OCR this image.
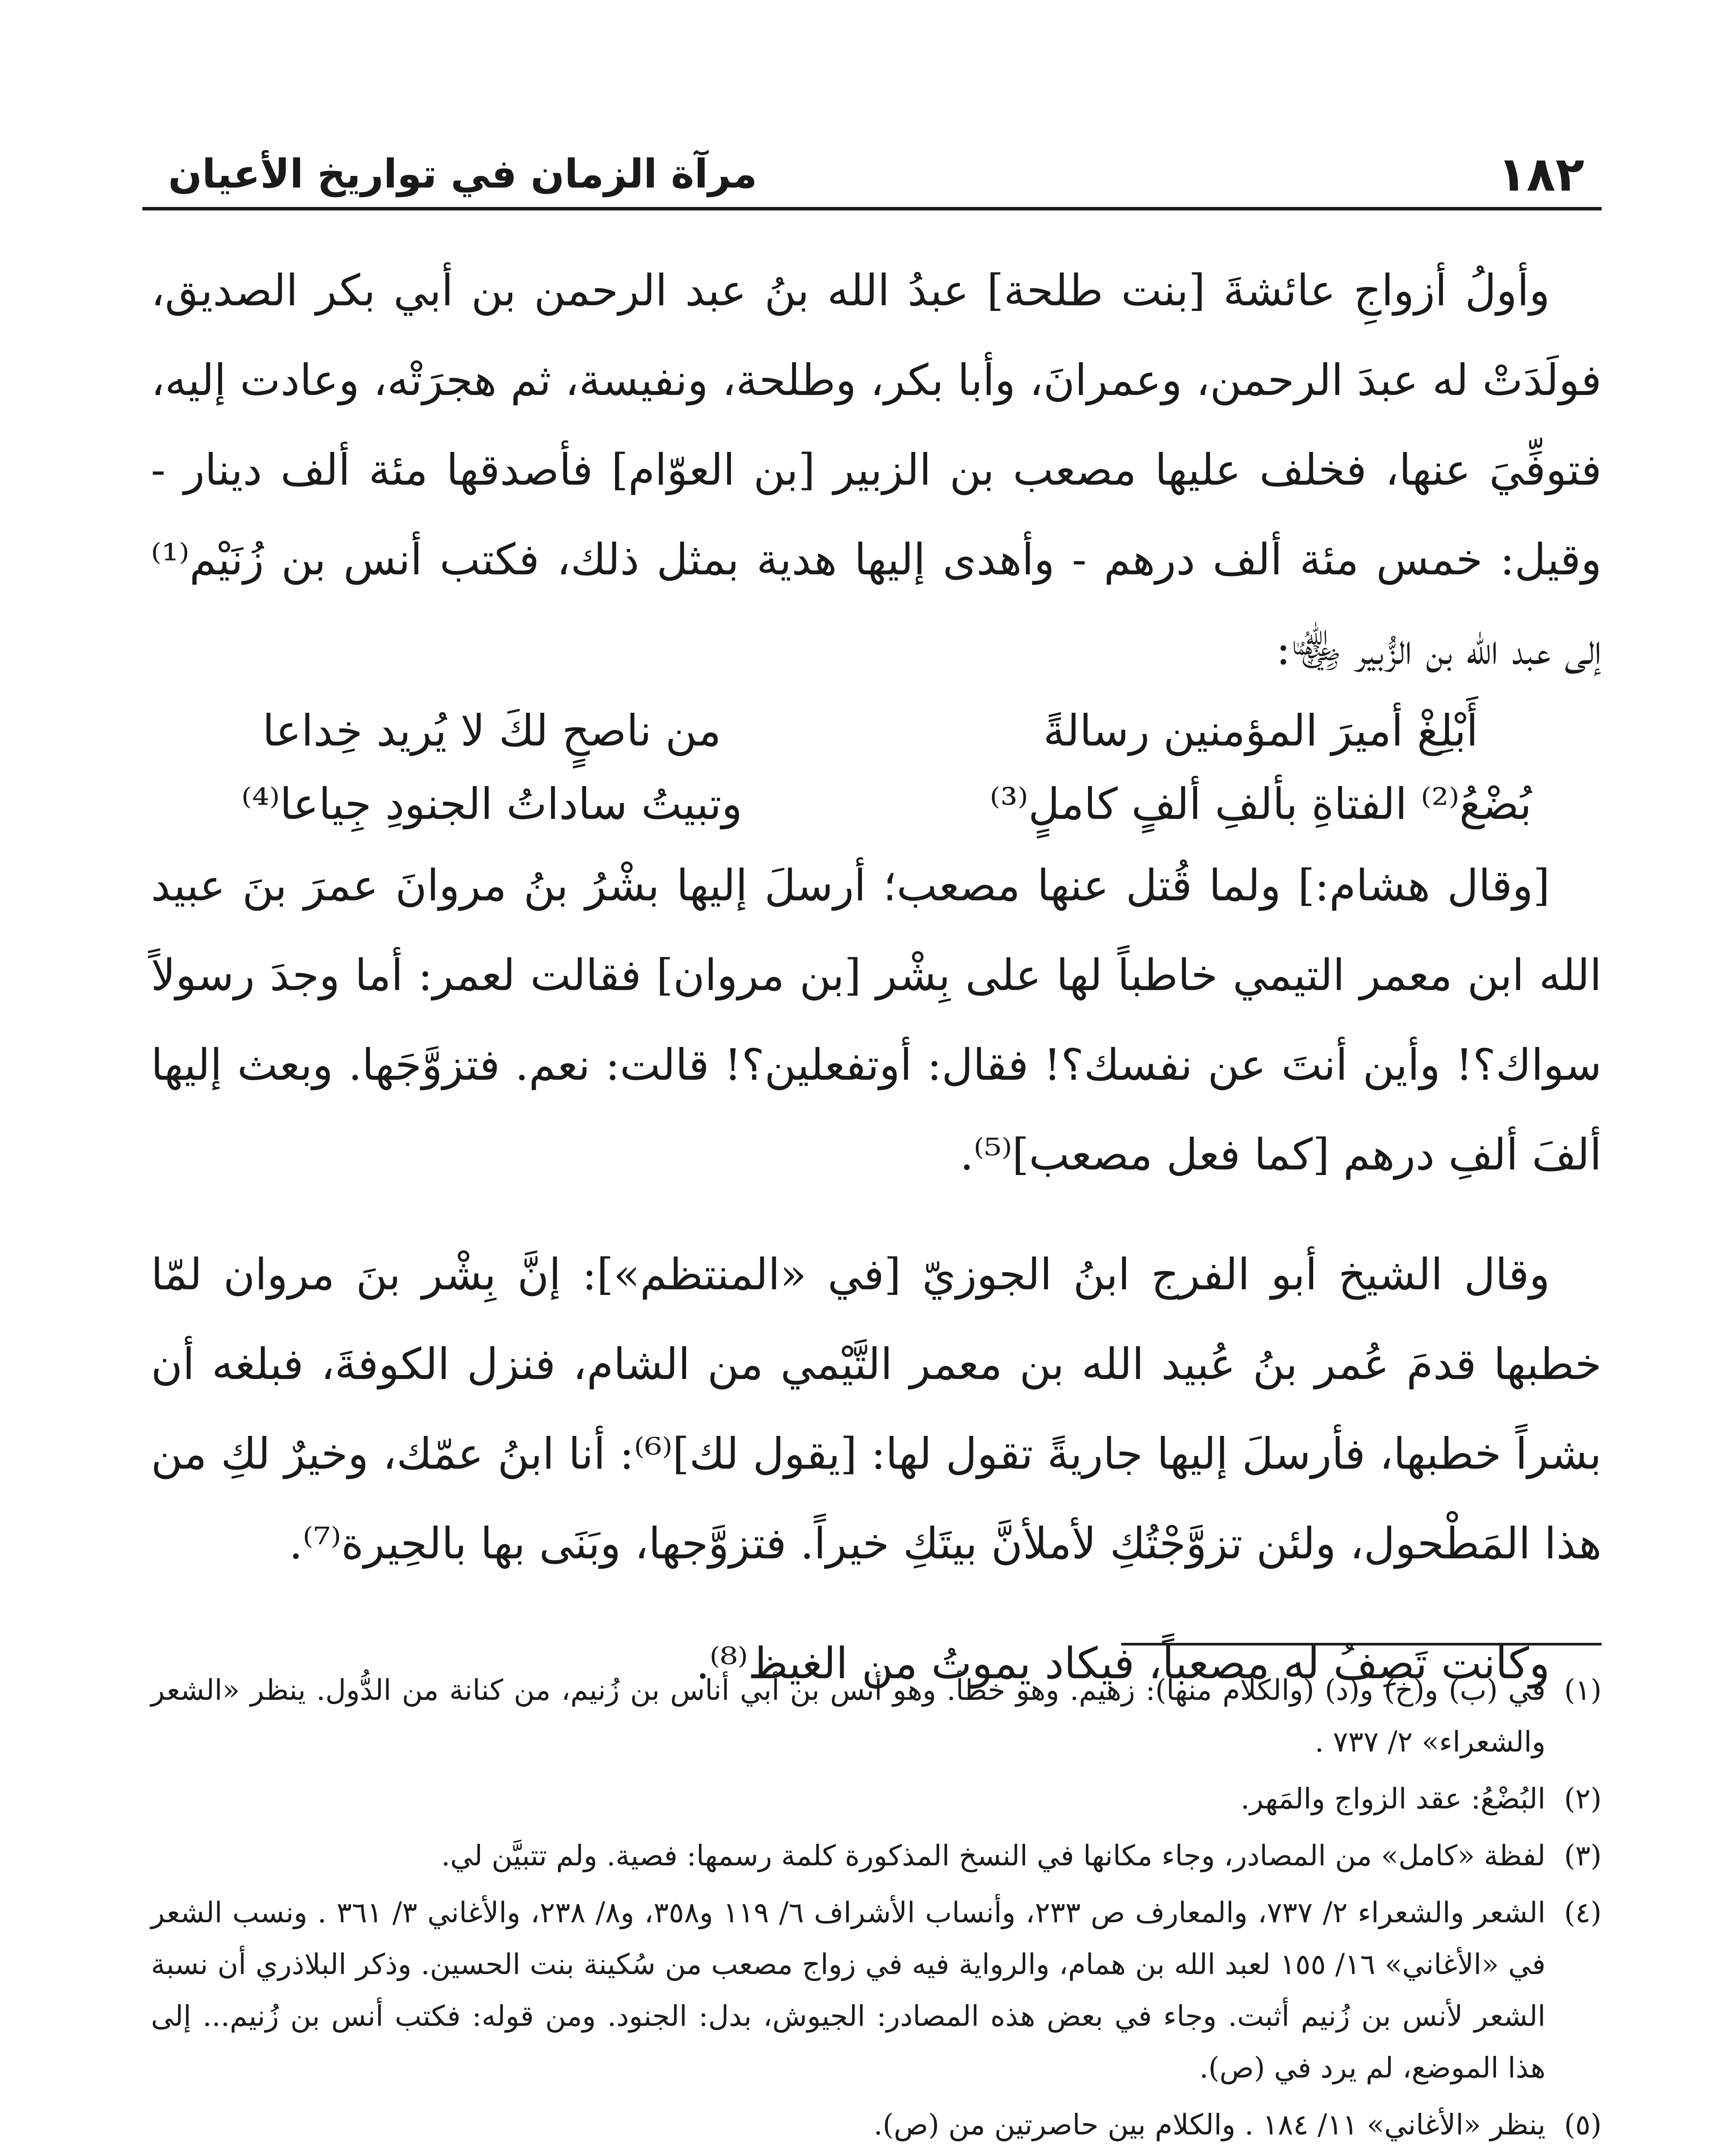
١٨٢
مرآة الزمان في تواريخ الأعيان

وأولُ أزواجِ عائشةَ [بنت طلحة] عبدُ الله بنُ عبد الرحمن بن أبي بكر الصديق، فولَدَتْ له عبدَ الرحمن، وعمرانَ، وأبا بكر، وطلحة، ونفيسة، ثم هجرَتْه، وعادت إليه، فتوفِّيَ عنها، فخلف عليها مصعب بن الزبير [بن العوّام] فأصدقها مئة ألف دينار - وقيل: خمس مئة ألف درهم - وأهدى إليها هدية بمثل ذلك، فكتب أنس بن زُنَيْم⁽¹⁾ إلى عبد الله بن الزُّبير ﵄:

أَبْلِغْ أميرَ المؤمنين رسالةً
من ناصحٍ لكَ لا يُريد خِداعا
بُضْعُ⁽²⁾ الفتاةِ بألفِ ألفٍ كاملٍ⁽³⁾
وتبيتُ ساداتُ الجنودِ جِياعا⁽⁴⁾

[وقال هشام:] ولما قُتل عنها مصعب؛ أرسلَ إليها بشْرُ بنُ مروانَ عمرَ بنَ عبيد الله ابن معمر التيمي خاطباً لها على بِشْر [بن مروان] فقالت لعمر: أما وجدَ رسولاً سواك؟! وأين أنتَ عن نفسك؟! فقال: أوتفعلين؟! قالت: نعم. فتزوَّجَها. وبعث إليها ألفَ ألفِ درهم [كما فعل مصعب]⁽⁵⁾.

وقال الشيخ أبو الفرج ابنُ الجوزيّ [في «المنتظم»]: إنَّ بِشْر بنَ مروان لمّا خطبها قدمَ عُمر بنُ عُبيد الله بن معمر التَّيْمي من الشام، فنزل الكوفةَ، فبلغه أن بشراً خطبها، فأرسلَ إليها جاريةً تقول لها: [يقول لك]⁽⁶⁾: أنا ابنُ عمّك، وخيرٌ لكِ من هذا المَطْحول، ولئن تزوَّجْتُكِ لأملأنَّ بيتَكِ خيراً. فتزوَّجها، وبَنَى بها بالحِيرة⁽⁷⁾.

وكانت تَصِفُ له مصعباً، فيكاد يموتُ من الغيظ⁽⁸⁾.

(١)
في (ب) و(خ) و(د) (والكلام منها): زهيم. وهو خطأ. وهو أنس بن أبي أناس بن زُنيم، من كنانة من الدُّول. ينظر «الشعر والشعراء» ٢/ ٧٣٧ .

(٢)
البُضْعُ: عقد الزواج والمَهر.

(٣)
لفظة «كامل» من المصادر، وجاء مكانها في النسخ المذكورة كلمة رسمها: فصية. ولم تتبيَّن لي.

(٤)
الشعر والشعراء ٢/ ٧٣٧، والمعارف ص ٢٣٣، وأنساب الأشراف ٦/ ١١٩ و٣٥٨، و٨/ ٢٣٨، والأغاني ٣/ ٣٦١ . ونسب الشعر في «الأغاني» ١٦/ ١٥٥ لعبد الله بن همام، والرواية فيه في زواج مصعب من سُكينة بنت الحسين. وذكر البلاذري أن نسبة الشعر لأنس بن زُنيم أثبت. وجاء في بعض هذه المصادر: الجيوش، بدل: الجنود. ومن قوله: فكتب أنس بن زُنيم... إلى هذا الموضع، لم يرد في (ص).

(٥)
ينظر «الأغاني» ١١/ ١٨٤ . والكلام بين حاصرتين من (ص).
